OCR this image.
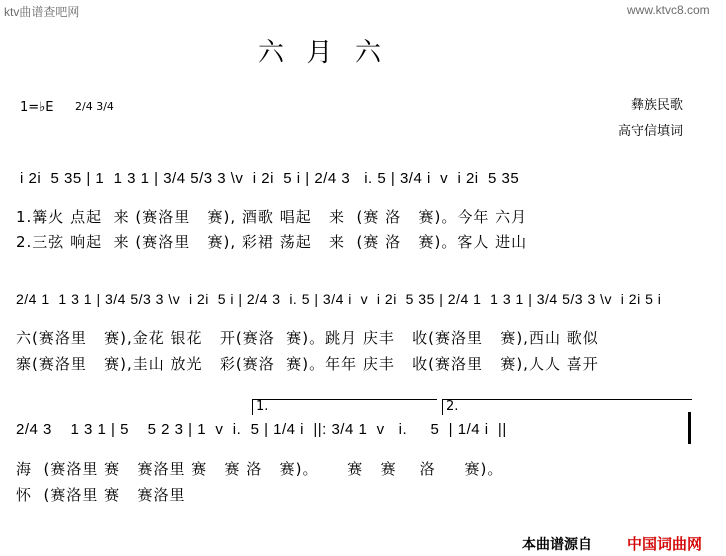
ktv曲谱查吧网	www.ktvc8.com
六  月  六
1=♭E 2/4 3/4	彝族民歌
高守信填词
i 2i  5 35 | 1  1 3 1 | 3/4 5/3 3 \v  i 2i  5 i | 2/4 3   i. 5 | 3/4 i  v  i 2i  5 35
1.篝火 点起  来 (赛洛里   赛), 酒歌 唱起   来  (赛 洛   赛)。今年 六月
2.三弦 响起  来 (赛洛里   赛), 彩裙 荡起   来  (赛 洛   赛)。客人 进山
2/4 1  1 3 1 | 3/4 5/3 3 \v  i 2i  5 i | 2/4 3  i. 5 | 3/4 i  v  i 2i  5 35 | 2/4 1  1 3 1 | 3/4 5/3 3 \v  i 2i 5 i
六(赛洛里   赛),金花 银花   开(赛洛  赛)。跳月 庆丰   收(赛洛里   赛),西山 歌似
寨(赛洛里   赛),圭山 放光   彩(赛洛  赛)。年年 庆丰   收(赛洛里   赛),人人 喜开
1.	2.
2/4 3    1 3 1 | 5    5 2 3 | 1  v  i.  5 | 1/4 i  ||: 3/4 1  v   i.     5  | 1/4 i  ||
海  (赛洛里 赛   赛洛里 赛   赛 洛   赛)。     赛   赛    洛     赛)。
怀  (赛洛里 赛   赛洛里
本曲谱源自 中国词曲网
